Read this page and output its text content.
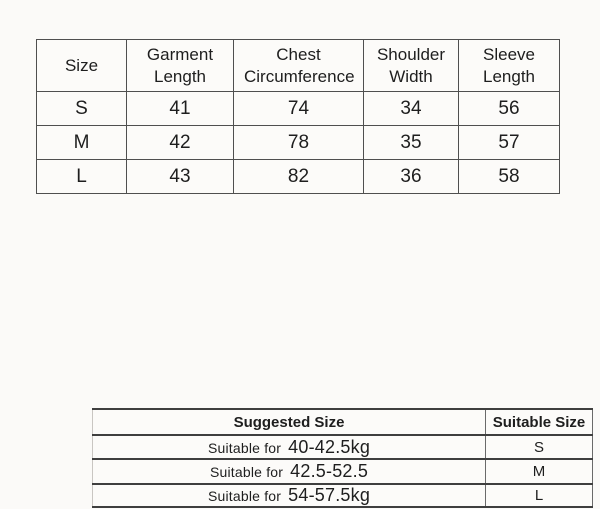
Size	Garment Length	Chest Circumference	Shoulder Width	Sleeve Length
S	41	74	34	56
M	42	78	35	57
L	43	82	36	58
Suggested Size	Suitable Size
Suitable for 40-42.5kg	S
Suitable for 42.5-52.5	M
Suitable for 54-57.5kg	L
